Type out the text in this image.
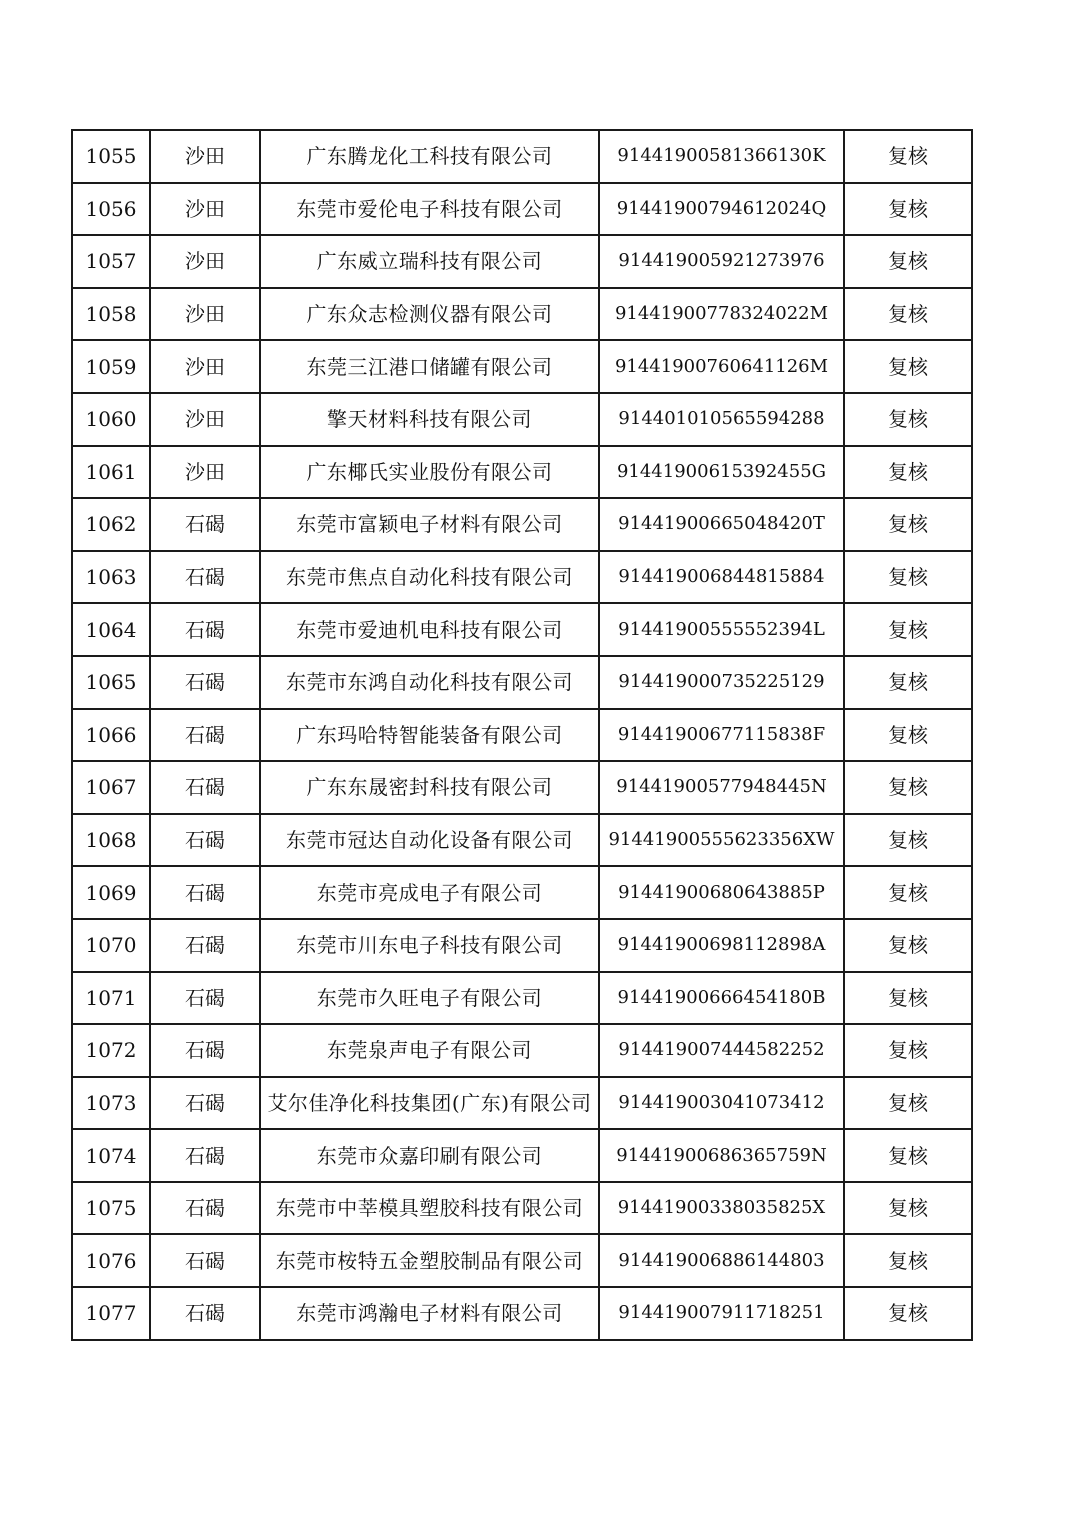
1055	沙田	广东腾龙化工科技有限公司	91441900581366130K	复核
1056	沙田	东莞市爱伦电子科技有限公司	91441900794612024Q	复核
1057	沙田	广东威立瑞科技有限公司	914419005921273976	复核
1058	沙田	广东众志检测仪器有限公司	91441900778324022M	复核
1059	沙田	东莞三江港口储罐有限公司	91441900760641126M	复核
1060	沙田	擎天材料科技有限公司	914401010565594288	复核
1061	沙田	广东椰氏实业股份有限公司	91441900615392455G	复核
1062	石碣	东莞市富颖电子材料有限公司	91441900665048420T	复核
1063	石碣	东莞市焦点自动化科技有限公司	914419006844815884	复核
1064	石碣	东莞市爱迪机电科技有限公司	91441900555552394L	复核
1065	石碣	东莞市东鸿自动化科技有限公司	914419000735225129	复核
1066	石碣	广东玛哈特智能装备有限公司	91441900677115838F	复核
1067	石碣	广东东晟密封科技有限公司	91441900577948445N	复核
1068	石碣	东莞市冠达自动化设备有限公司	91441900555623356XW	复核
1069	石碣	东莞市亮成电子有限公司	91441900680643885P	复核
1070	石碣	东莞市川东电子科技有限公司	91441900698112898A	复核
1071	石碣	东莞市久旺电子有限公司	91441900666454180B	复核
1072	石碣	东莞泉声电子有限公司	914419007444582252	复核
1073	石碣	艾尔佳净化科技集团(广东)有限公司	914419003041073412	复核
1074	石碣	东莞市众嘉印刷有限公司	91441900686365759N	复核
1075	石碣	东莞市中莘模具塑胶科技有限公司	91441900338035825X	复核
1076	石碣	东莞市桉特五金塑胶制品有限公司	914419006886144803	复核
1077	石碣	东莞市鸿瀚电子材料有限公司	914419007911718251	复核
